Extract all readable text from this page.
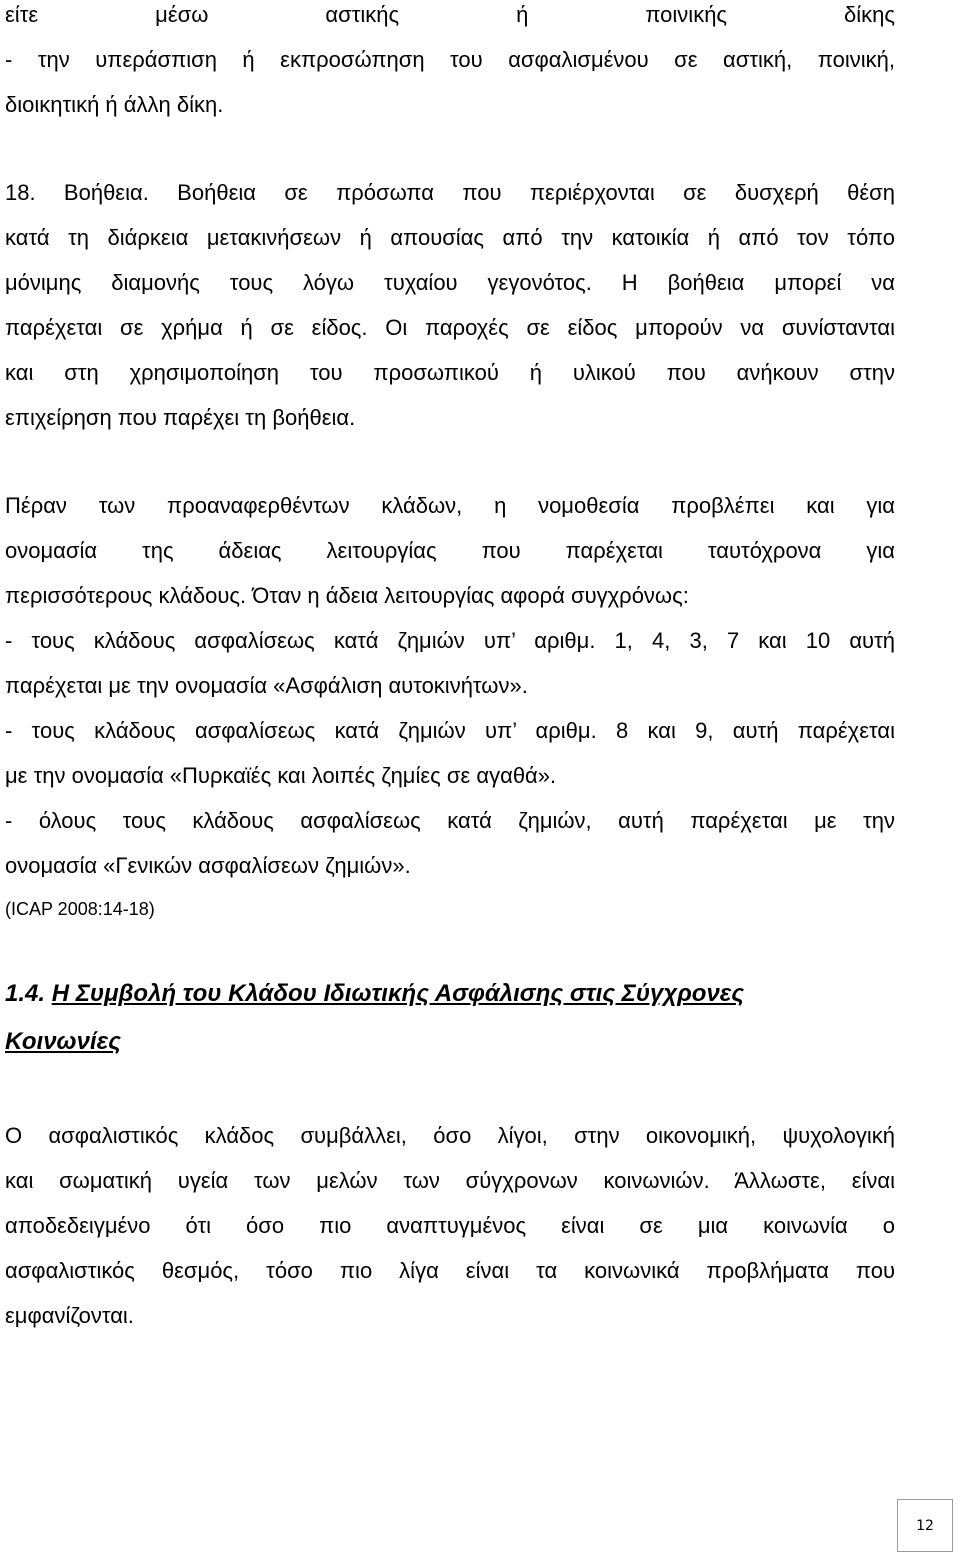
είτε μέσω αστικής ή ποινικής δίκης
- την υπεράσπιση ή εκπροσώπηση του ασφαλισμένου σε αστική, ποινική,
διοικητική ή άλλη δίκη.
18. Βοήθεια. Βοήθεια σε πρόσωπα που περιέρχονται σε δυσχερή θέση
κατά τη διάρκεια μετακινήσεων ή απουσίας από την κατοικία ή από τον τόπο
μόνιμης διαμονής τους λόγω τυχαίου γεγονότος. Η βοήθεια μπορεί να
παρέχεται σε χρήμα ή σε είδος. Οι παροχές σε είδος μπορούν να συνίστανται
και στη χρησιμοποίηση του προσωπικού ή υλικού που ανήκουν στην
επιχείρηση που παρέχει τη βοήθεια.
Πέραν των προαναφερθέντων κλάδων, η νομοθεσία προβλέπει και για
ονομασία της άδειας λειτουργίας που παρέχεται ταυτόχρονα για
περισσότερους κλάδους. Όταν η άδεια λειτουργίας αφορά συγχρόνως:
- τους κλάδους ασφαλίσεως κατά ζημιών υπ’ αριθμ. 1, 4, 3, 7 και 10 αυτή
παρέχεται με την ονομασία «Ασφάλιση αυτοκινήτων».
- τους κλάδους ασφαλίσεως κατά ζημιών υπ’ αριθμ. 8 και 9, αυτή παρέχεται
με την ονομασία «Πυρκαϊές και λοιπές ζημίες σε αγαθά».
- όλους τους κλάδους ασφαλίσεως κατά ζημιών, αυτή παρέχεται με την
ονομασία «Γενικών ασφαλίσεων ζημιών».
(ICAP 2008:14-18)
1.4. Η Συμβολή του Κλάδου Ιδιωτικής Ασφάλισης στις Σύγχρονες
Κοινωνίες
Ο ασφαλιστικός κλάδος συμβάλλει, όσο λίγοι, στην οικονομική, ψυχολογική
και σωματική υγεία των μελών των σύγχρονων κοινωνιών. Άλλωστε, είναι
αποδεδειγμένο ότι όσο πιο αναπτυγμένος είναι σε μια κοινωνία ο
ασφαλιστικός θεσμός, τόσο πιο λίγα είναι τα κοινωνικά προβλήματα που
εμφανίζονται.
12
